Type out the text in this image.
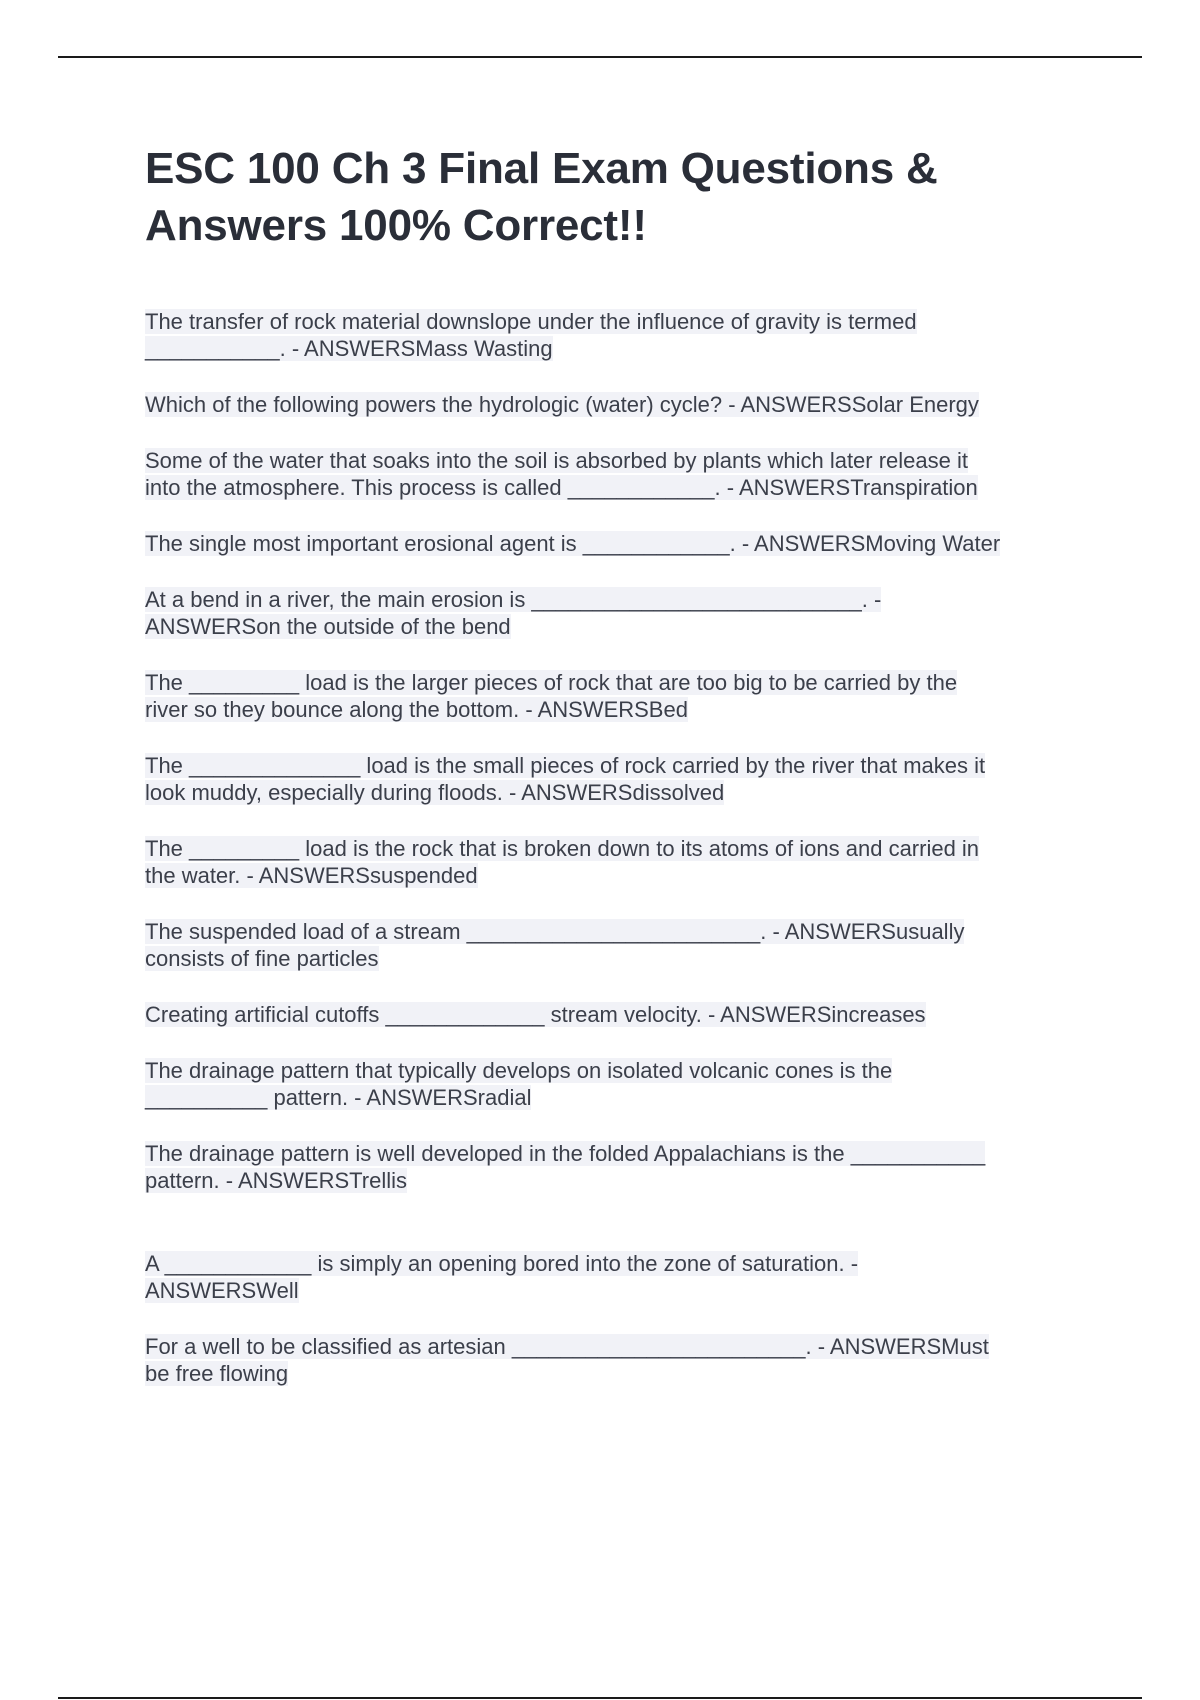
ESC 100 Ch 3 Final Exam Questions &
Answers 100% Correct!!
The transfer of rock material downslope under the influence of gravity is termed
___________. - ANSWERSMass Wasting
Which of the following powers the hydrologic (water) cycle? - ANSWERSSolar Energy
Some of the water that soaks into the soil is absorbed by plants which later release it
into the atmosphere. This process is called ____________. - ANSWERSTranspiration
The single most important erosional agent is ____________. - ANSWERSMoving Water
At a bend in a river, the main erosion is ___________________________. -
ANSWERSon the outside of the bend
The _________ load is the larger pieces of rock that are too big to be carried by the
river so they bounce along the bottom. - ANSWERSBed
The ______________ load is the small pieces of rock carried by the river that makes it
look muddy, especially during floods. - ANSWERSdissolved
The _________ load is the rock that is broken down to its atoms of ions and carried in
the water. - ANSWERSsuspended
The suspended load of a stream ________________________. - ANSWERSusually
consists of fine particles
Creating artificial cutoffs _____________ stream velocity. - ANSWERSincreases
The drainage pattern that typically develops on isolated volcanic cones is the
__________ pattern. - ANSWERSradial
The drainage pattern is well developed in the folded Appalachians is the ___________
pattern. - ANSWERSTrellis
A ____________ is simply an opening bored into the zone of saturation. -
ANSWERSWell
For a well to be classified as artesian ________________________. - ANSWERSMust
be free flowing
